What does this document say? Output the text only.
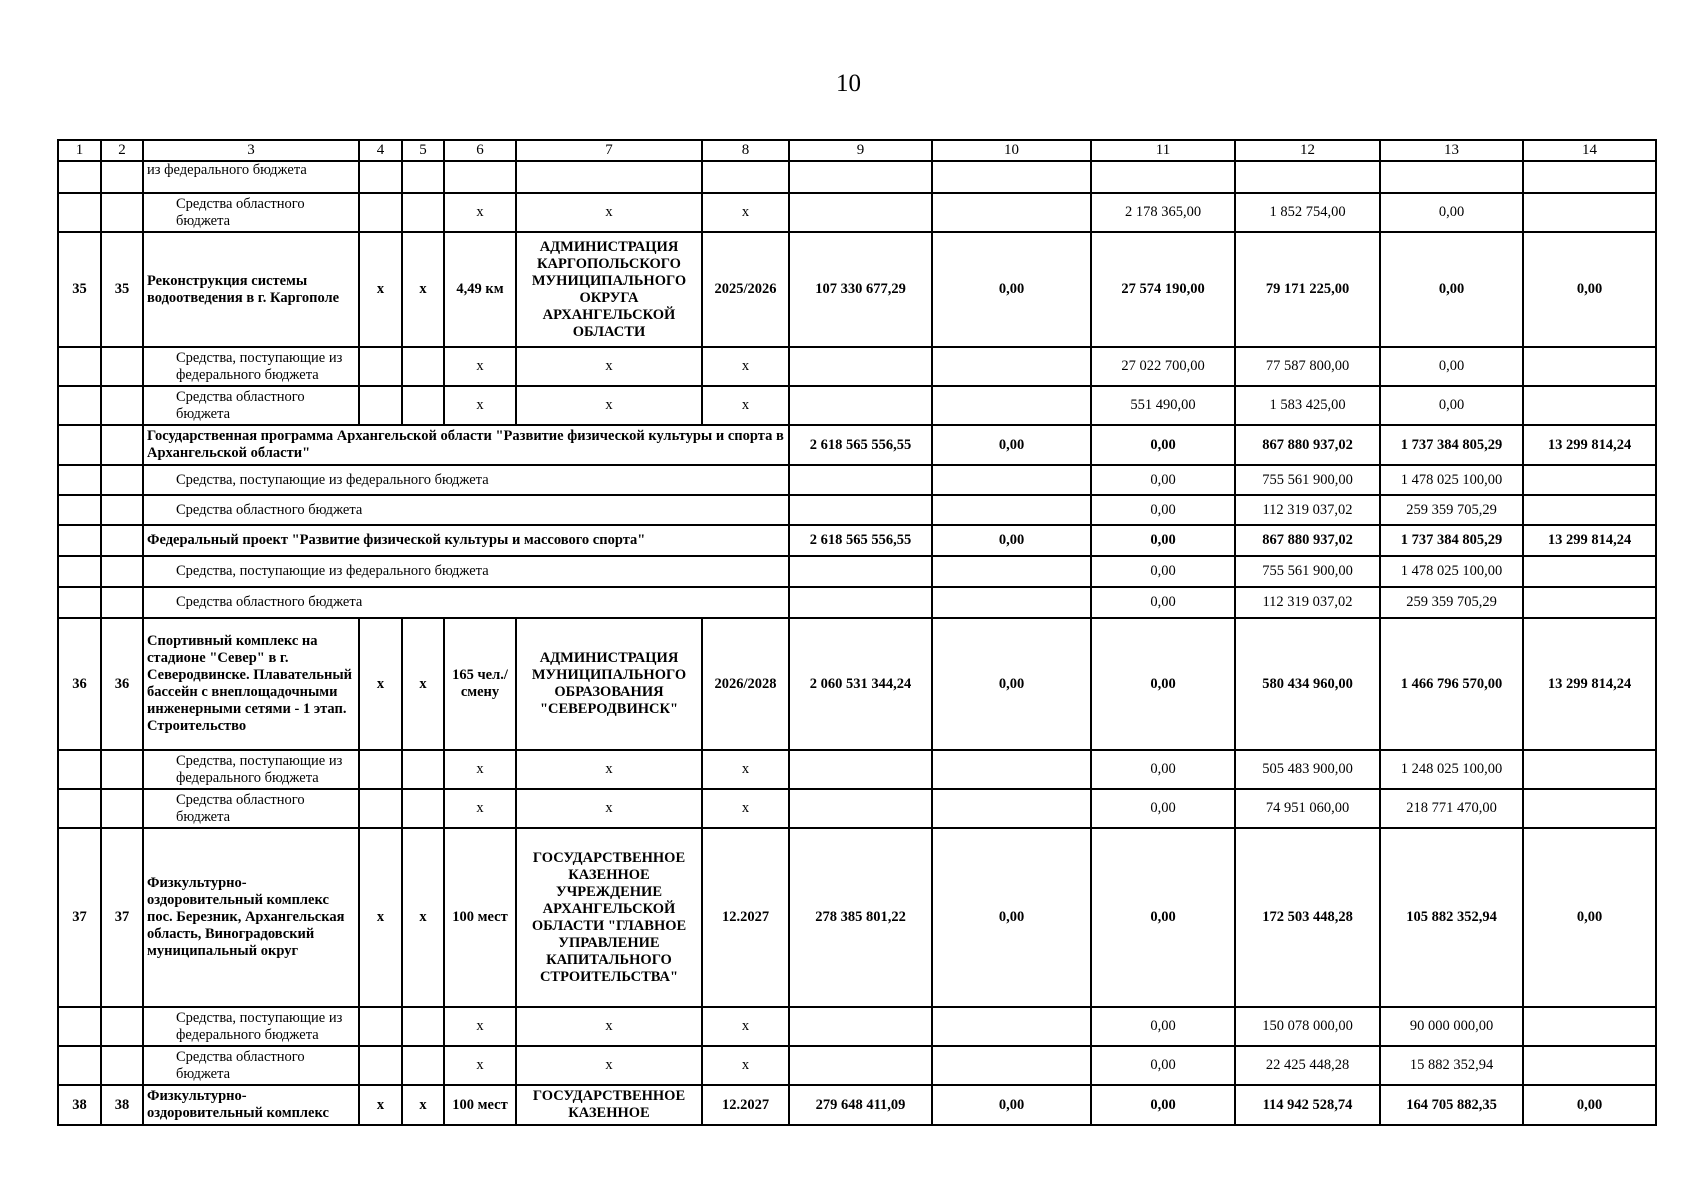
10
1	2	3	4	5	6	7	8	9	10	11	12	13	14
		из федерального бюджета											
		Средства областного бюджета			х	х	х			2 178 365,00	1 852 754,00	0,00	
35	35	Реконструкция системы водоотведения в г. Каргополе	х	х	4,49 км	АДМИНИСТРАЦИЯ КАРГОПОЛЬСКОГО МУНИЦИПАЛЬНОГО ОКРУГА АРХАНГЕЛЬСКОЙ ОБЛАСТИ	2025/2026	107 330 677,29	0,00	27 574 190,00	79 171 225,00	0,00	0,00
		Средства, поступающие из федерального бюджета			х	х	х			27 022 700,00	77 587 800,00	0,00	
		Средства областного бюджета			х	х	х			551 490,00	1 583 425,00	0,00	
		Государственная программа Архангельской области "Развитие физической культуры и спорта в Архангельской области"						2 618 565 556,55	0,00	0,00	867 880 937,02	1 737 384 805,29	13 299 814,24
		Средства, поступающие из федерального бюджета								0,00	755 561 900,00	1 478 025 100,00	
		Средства областного бюджета								0,00	112 319 037,02	259 359 705,29	
		Федеральный проект "Развитие физической культуры и массового спорта"						2 618 565 556,55	0,00	0,00	867 880 937,02	1 737 384 805,29	13 299 814,24
		Средства, поступающие из федерального бюджета								0,00	755 561 900,00	1 478 025 100,00	
		Средства областного бюджета								0,00	112 319 037,02	259 359 705,29	
36	36	Спортивный комплекс на стадионе "Север" в г. Северодвинске. Плавательный бассейн с внеплощадочными инженерными сетями - 1 этап. Строительство	х	х	165 чел./смену	АДМИНИСТРАЦИЯ МУНИЦИПАЛЬНОГО ОБРАЗОВАНИЯ "СЕВЕРОДВИНСК"	2026/2028	2 060 531 344,24	0,00	0,00	580 434 960,00	1 466 796 570,00	13 299 814,24
		Средства, поступающие из федерального бюджета			х	х	х			0,00	505 483 900,00	1 248 025 100,00	
		Средства областного бюджета			х	х	х			0,00	74 951 060,00	218 771 470,00	
37	37	Физкультурно-оздоровительный комплекс пос. Березник, Архангельская область, Виноградовский муниципальный округ	х	х	100 мест	ГОСУДАРСТВЕННОЕ КАЗЕННОЕ УЧРЕЖДЕНИЕ АРХАНГЕЛЬСКОЙ ОБЛАСТИ "ГЛАВНОЕ УПРАВЛЕНИЕ КАПИТАЛЬНОГО СТРОИТЕЛЬСТВА"	12.2027	278 385 801,22	0,00	0,00	172 503 448,28	105 882 352,94	0,00
		Средства, поступающие из федерального бюджета			х	х	х			0,00	150 078 000,00	90 000 000,00	
		Средства областного бюджета			х	х	х			0,00	22 425 448,28	15 882 352,94	
38	38	Физкультурно-оздоровительный комплекс	х	х	100 мест	ГОСУДАРСТВЕННОЕ КАЗЕННОЕ	12.2027	279 648 411,09	0,00	0,00	114 942 528,74	164 705 882,35	0,00
